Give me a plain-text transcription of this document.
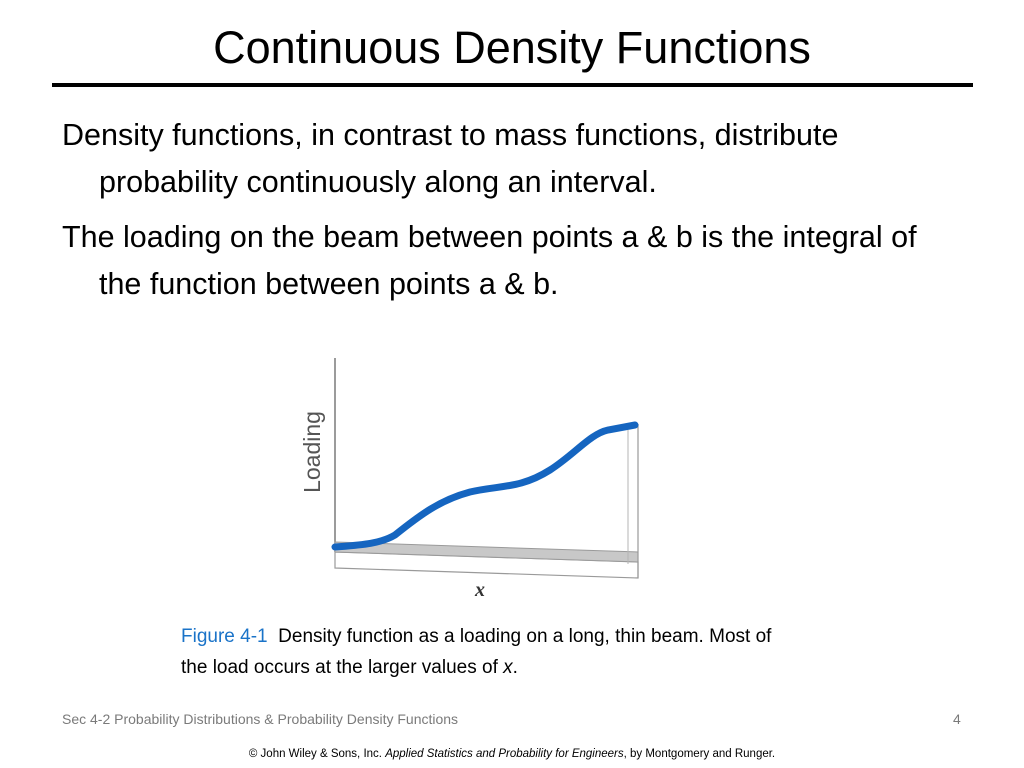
Continuous Density Functions

Density functions, in contrast to mass functions, distribute probability continuously along an interval.

The loading on the beam between points a & b is the integral of the function between points a & b.

Loading
x
Figure 4-1 Density function as a loading on a long, thin beam. Most of the load occurs at the larger values of x.
Sec 4-2 Probability Distributions & Probability Density Functions	4
© John Wiley & Sons, Inc. Applied Statistics and Probability for Engineers, by Montgomery and Runger.
